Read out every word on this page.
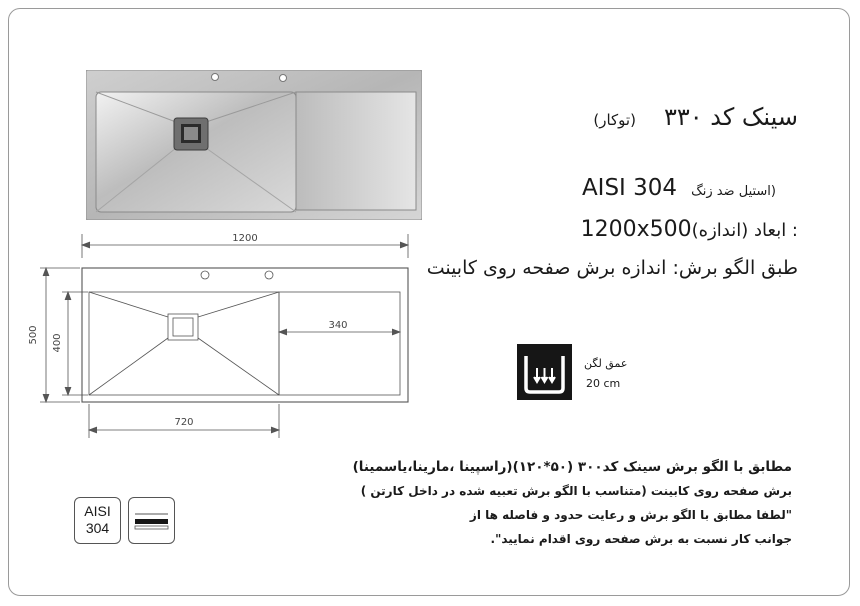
سینک کد ۳۳۰(توکار)
(استیل ضد زنگAISI 304
: ابعاد (اندازه)1200x500
طبق الگو برش: اندازه برش صفحه روی کابینت
1200
500 400
340
720
عمق لگن
20 cm
مطابق با الگو برش سینک کد۳۰۰ (۵۰*۱۲۰)(راسپینا ،مارینا،یاسمینا)
برش صفحه روی کابینت (متناسب با الگو برش تعبیه شده در داخل کارتن )
"لطفا مطابق با الگو برش و رعایت حدود و فاصله ها از
جوانب کار نسبت به برش صفحه روی اقدام نمایید".
AISI
304
